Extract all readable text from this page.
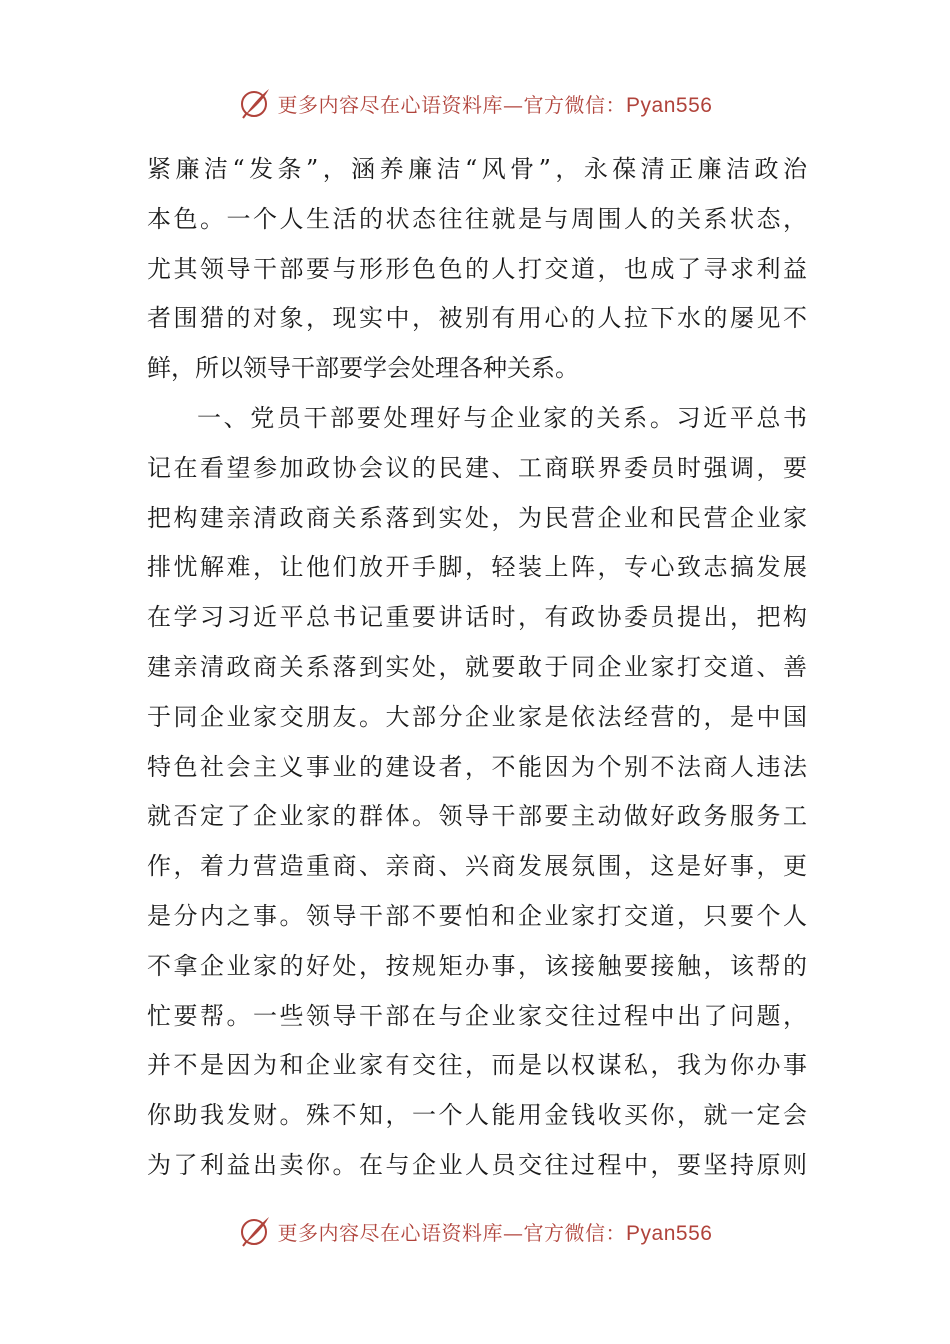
更多内容尽在心语资料库—官方微信：Pyan556
紧廉洁“发条”，涵养廉洁“风骨”，永葆清正廉洁政治
本色。一个人生活的状态往往就是与周围人的关系状态，
尤其领导干部要与形形色色的人打交道，也成了寻求利益
者围猎的对象，现实中，被别有用心的人拉下水的屡见不
鲜，所以领导干部要学会处理各种关系。
一、党员干部要处理好与企业家的关系。习近平总书
记在看望参加政协会议的民建、工商联界委员时强调，要
把构建亲清政商关系落到实处，为民营企业和民营企业家
排忧解难，让他们放开手脚，轻装上阵，专心致志搞发展
在学习习近平总书记重要讲话时，有政协委员提出，把构
建亲清政商关系落到实处，就要敢于同企业家打交道、善
于同企业家交朋友。大部分企业家是依法经营的，是中国
特色社会主义事业的建设者，不能因为个别不法商人违法
就否定了企业家的群体。领导干部要主动做好政务服务工
作，着力营造重商、亲商、兴商发展氛围，这是好事，更
是分内之事。领导干部不要怕和企业家打交道，只要个人
不拿企业家的好处，按规矩办事，该接触要接触，该帮的
忙要帮。一些领导干部在与企业家交往过程中出了问题，
并不是因为和企业家有交往，而是以权谋私，我为你办事
你助我发财。殊不知，一个人能用金钱收买你，就一定会
为了利益出卖你。在与企业人员交往过程中，要坚持原则
更多内容尽在心语资料库—官方微信：Pyan556
